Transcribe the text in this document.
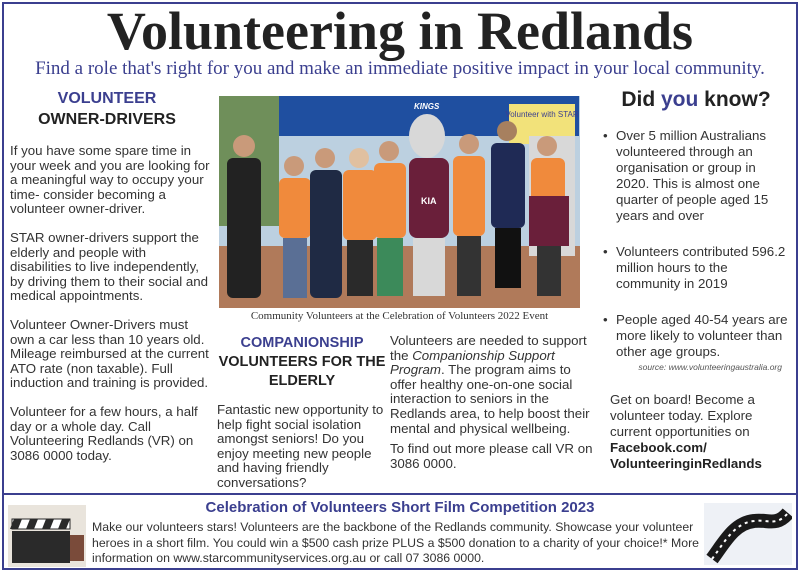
Volunteering in Redlands
Find a role that's right for you and make an immediate positive impact in your local community.
VOLUNTEER
OWNER-DRIVERS

If you have some spare time in your week and you are looking for a meaningful way to occupy your time- consider becoming a volunteer owner-driver.

STAR owner-drivers support the elderly and people with disabilities to live independently, by driving them to their social and medical appointments.

Volunteer Owner-Drivers must own a car less than 10 years old. Mileage reimbursed at the current ATO rate (non taxable). Full induction and training is provided.

Volunteer for a few hours, a half day or a whole day. Call Volunteering Redlands (VR) on 3086 0000 today.

KINGS
Volunteer with STAR
KIA
Community Volunteers at the Celebration of Volunteers 2022 Event
COMPANIONSHIP
VOLUNTEERS FOR THE ELDERLY

Fantastic new opportunity to help fight social isolation amongst seniors! Do you enjoy meeting new people and having friendly conversations?

Volunteers are needed to support the Companionship Support Program. The program aims to offer healthy one-on-one social interaction to seniors in the Redlands area, to help boost their mental and physical wellbeing.

To find out more please call VR on 3086 0000.

Did you know?
• Over 5 million Australians volunteered through an organisation or group in 2020. This is almost one quarter of people aged 15 years and over
• Volunteers contributed 596.2 million hours to the community in 2019
• People aged 40-54 years are more likely to volunteer than other age groups.
source: www.volunteeringaustralia.org
Get on board! Become a volunteer today. Explore current opportunities on
Facebook.com/
VolunteeringinRedlands
Celebration of Volunteers Short Film Competition 2023

Make our volunteers stars! Volunteers are the backbone of the Redlands community. Showcase your volunteer heroes in a short film. You could win a $500 cash prize PLUS a $500 donation to a charity of your choice!* More information on www.starcommunityservices.org.au or call 07 3086 0000.
